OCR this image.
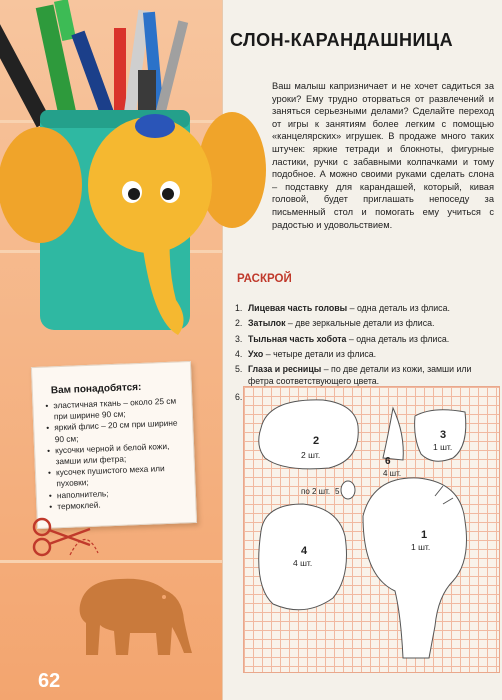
СЛОН-КАРАНДАШНИЦА
Ваш малыш капризничает и не хочет садиться за уроки? Ему трудно оторваться от развлечений и заняться серьезными делами? Сделайте переход от игры к занятиям более легким с помощью «канцелярских» игрушек. В продаже много таких штучек: яркие тетради и блокноты, фигурные ластики, ручки с забавными колпачками и тому подобное. А можно своими руками сделать слона – подставку для карандашей, который, кивая головой, будет приглашать непоседу за письменный стол и помогать ему учиться с радостью и удовольствием.
РАСКРОЙ
1. Лицевая часть головы – одна деталь из флиса.
2. Затылок – две зеркальные детали из флиса.
3. Тыльная часть хобота – одна деталь из флиса.
4. Ухо – четыре детали из флиса.
5. Глаза и ресницы – по две детали из кожи, замши или фетра соответствующего цвета.
6.
Вам понадобятся:
• эластичная ткань – около 25 см при ширине 90 см;
• яркий флис – 20 см при ширине 90 см;
• кусочки черной и белой кожи, замши или фетра;
• кусочек пушистого меха или пуховки;
• наполнитель;
• термоклей.
2
2 шт.
6
4 шт.
3
1 шт.
по 2 шт. 5
4
4 шт.
1
1 шт.
62
